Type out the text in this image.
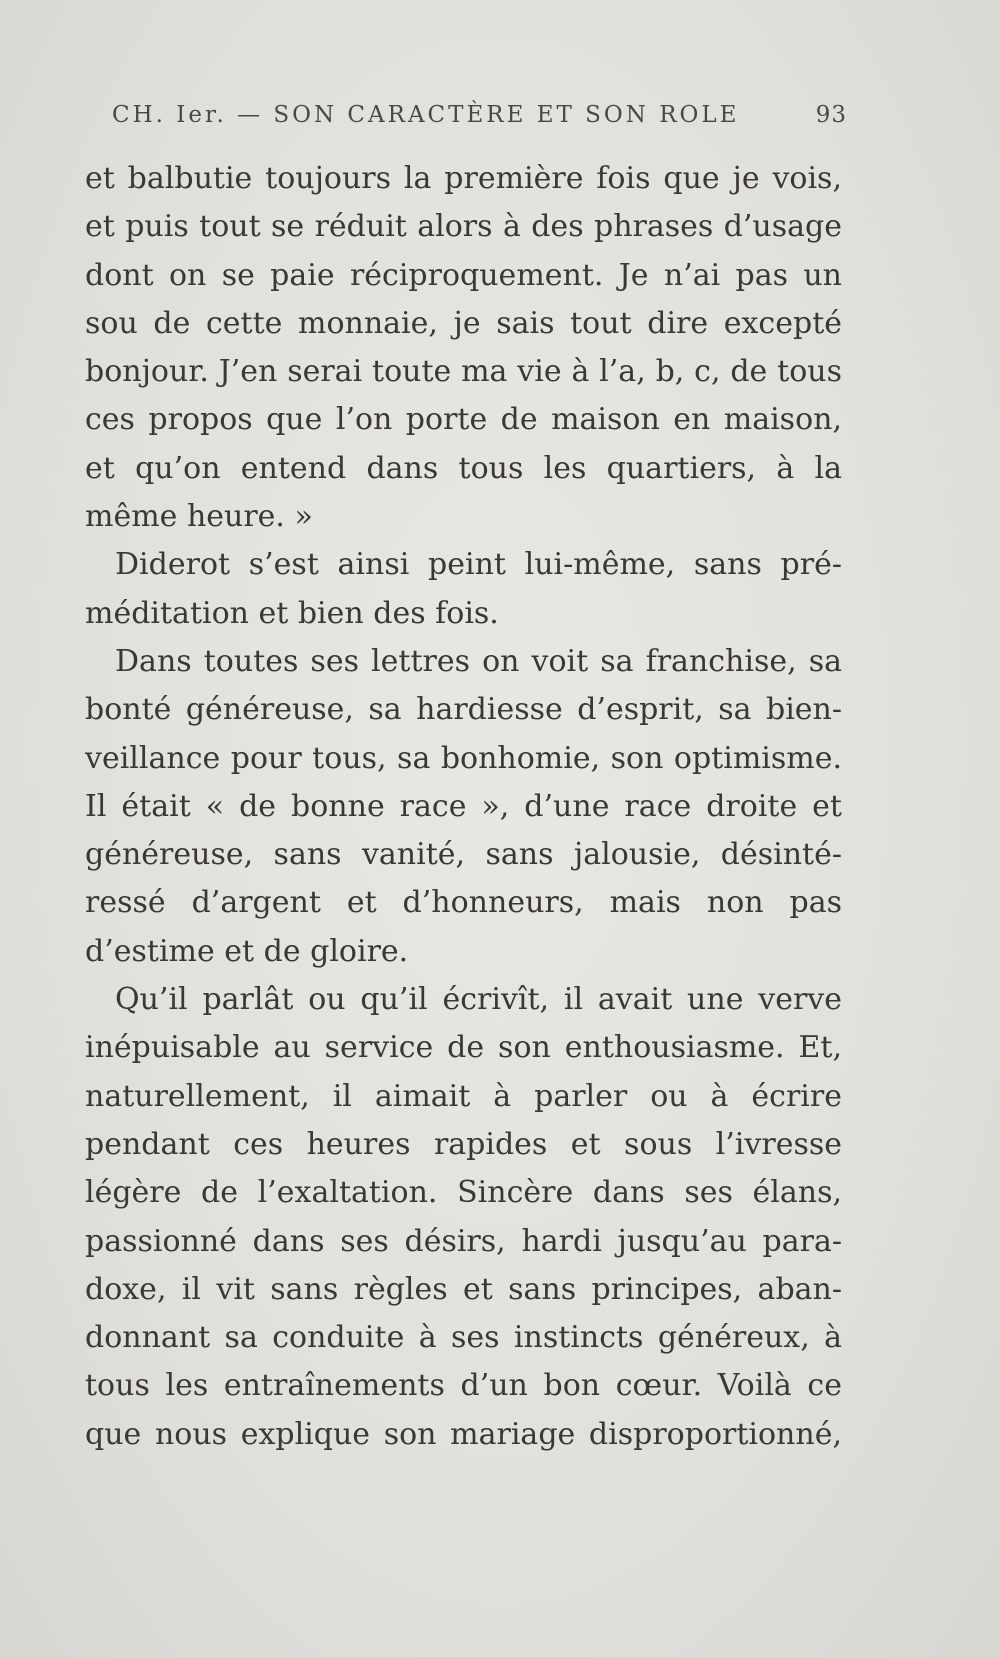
CH. Ier. — SON CARACTÈRE ET SON ROLE	93
et balbutie toujours la première fois que je vois,
et puis tout se réduit alors à des phrases d’usage
dont on se paie réciproquement. Je n’ai pas un
sou de cette monnaie, je sais tout dire excepté
bonjour. J’en serai toute ma vie à l’a, b, c, de tous
ces propos que l’on porte de maison en maison,
et qu’on entend dans tous les quartiers, à la
même heure. »
Diderot s’est ainsi peint lui-même, sans pré-
méditation et bien des fois.
Dans toutes ses lettres on voit sa franchise, sa
bonté généreuse, sa hardiesse d’esprit, sa bien-
veillance pour tous, sa bonhomie, son optimisme.
Il était « de bonne race », d’une race droite et
généreuse, sans vanité, sans jalousie, désinté-
ressé d’argent et d’honneurs, mais non pas
d’estime et de gloire.
Qu’il parlât ou qu’il écrivît, il avait une verve
inépuisable au service de son enthousiasme. Et,
naturellement, il aimait à parler ou à écrire
pendant ces heures rapides et sous l’ivresse
légère de l’exaltation. Sincère dans ses élans,
passionné dans ses désirs, hardi jusqu’au para-
doxe, il vit sans règles et sans principes, aban-
donnant sa conduite à ses instincts généreux, à
tous les entraînements d’un bon cœur. Voilà ce
que nous explique son mariage disproportionné,
